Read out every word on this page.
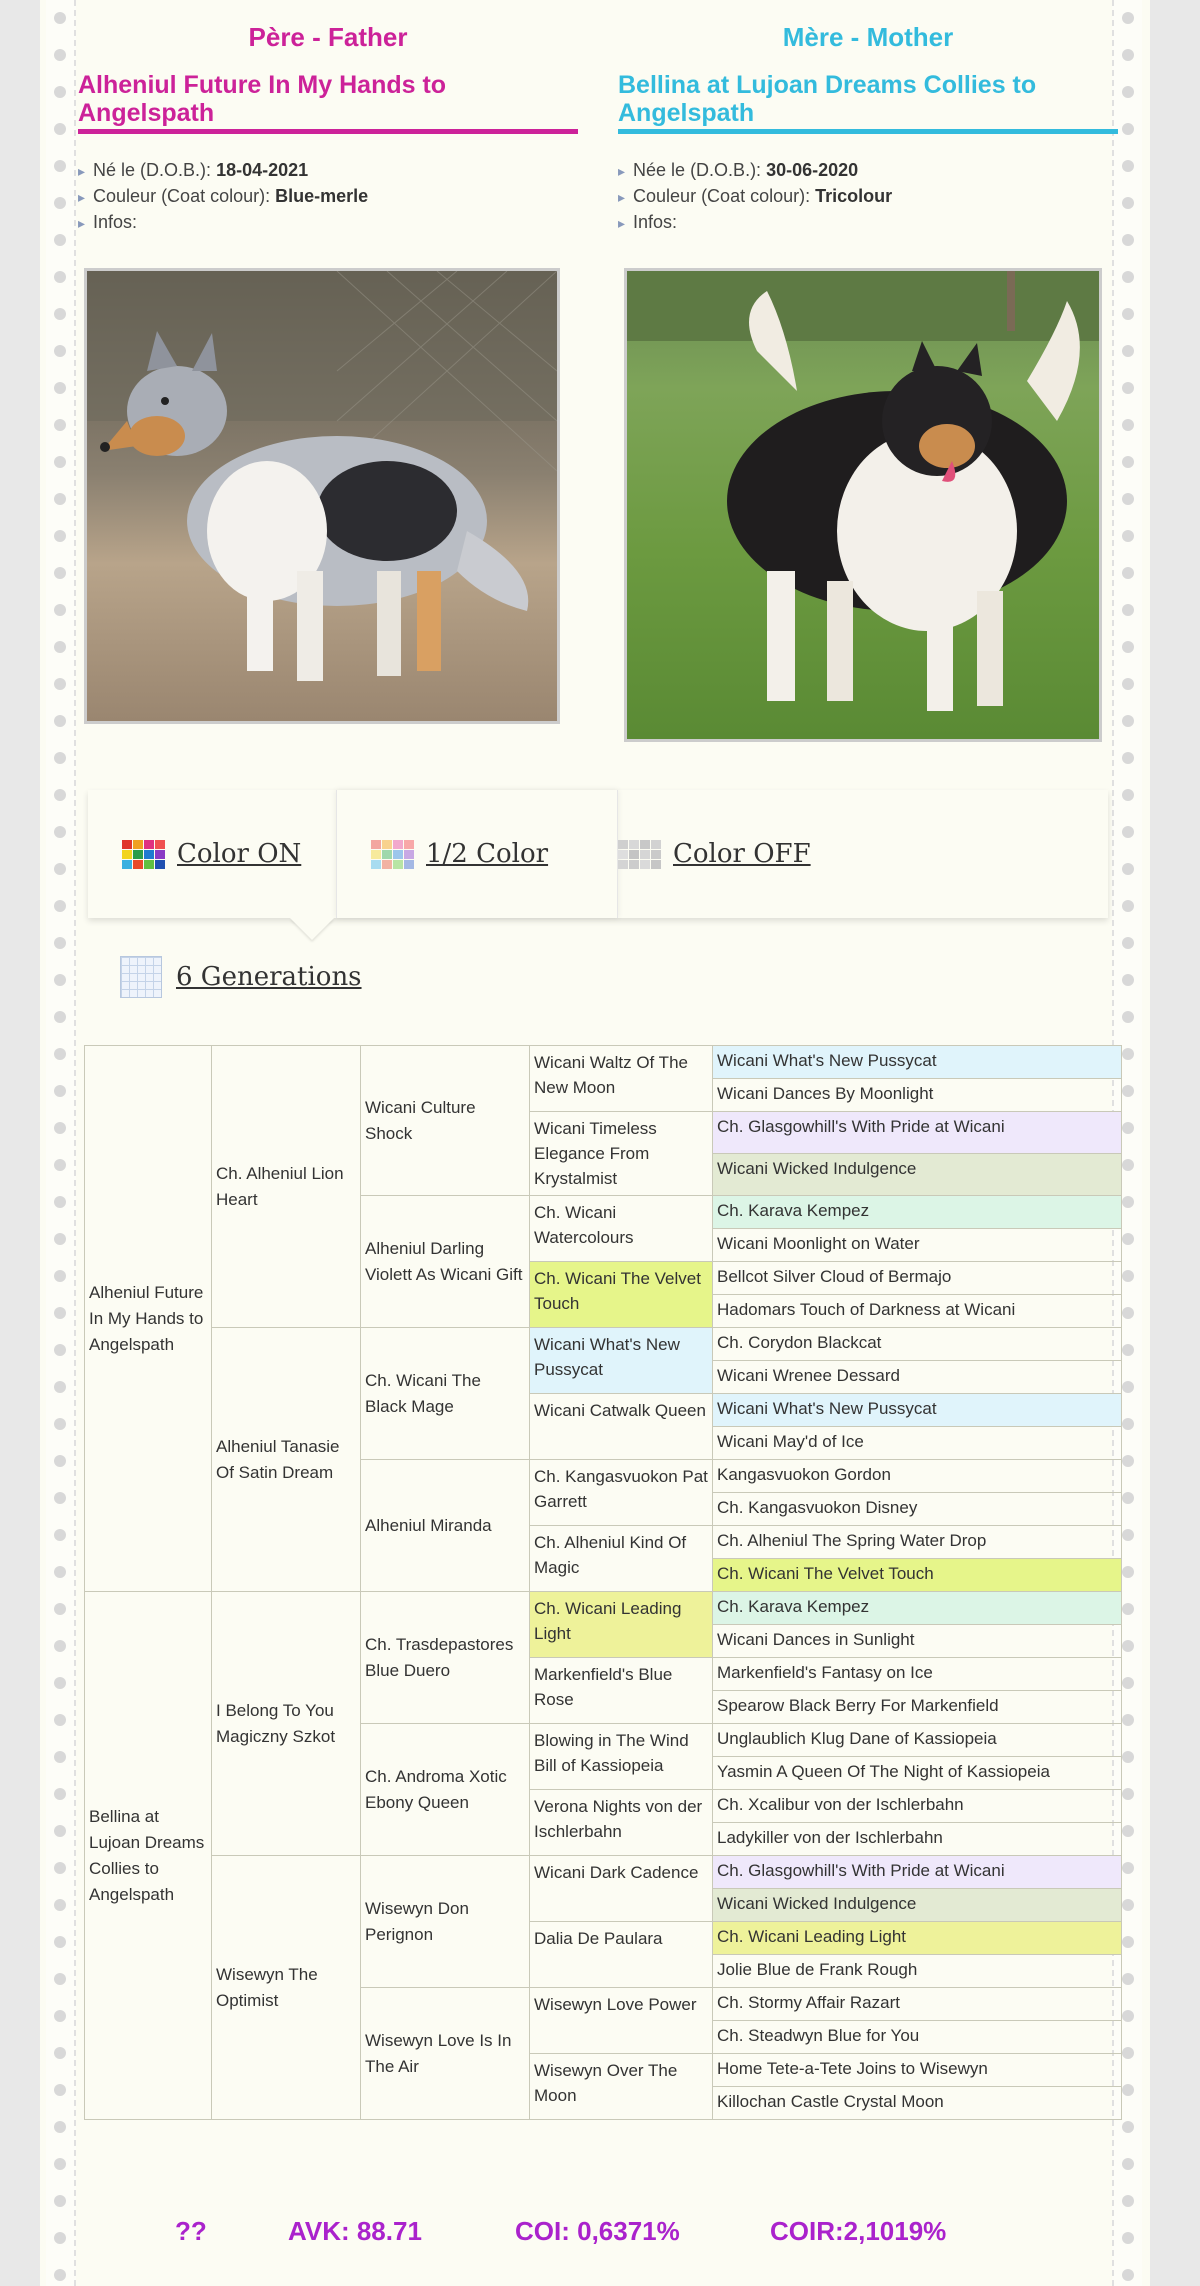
Père - Father
Alheniul Future In My Hands to Angelspath
▸ Né le (D.O.B.): 18-04-2021
▸ Couleur (Coat colour): Blue-merle
▸ Infos:
Mère - Mother
Bellina at Lujoan Dreams Collies to Angelspath
▸ Née le (D.O.B.): 30-06-2020
▸ Couleur (Coat colour): Tricolour
▸ Infos:
Color ON	1/2 Color	Color OFF
6 Generations
Alheniul Future In My Hands to Angelspath	Ch. Alheniul Lion Heart	Wicani Culture Shock	Wicani Waltz Of The New Moon	Wicani What's New Pussycat
				Wicani Dances By Moonlight
			Wicani Timeless Elegance From Krystalmist	Ch. Glasgowhill's With Pride at Wicani
				Wicani Wicked Indulgence
		Alheniul Darling Violett As Wicani Gift	Ch. Wicani Watercolours	Ch. Karava Kempez
				Wicani Moonlight on Water
			Ch. Wicani The Velvet Touch	Bellcot Silver Cloud of Bermajo
				Hadomars Touch of Darkness at Wicani
	Alheniul Tanasie Of Satin Dream	Ch. Wicani The Black Mage	Wicani What's New Pussycat	Ch. Corydon Blackcat
				Wicani Wrenee Dessard
			Wicani Catwalk Queen	Wicani What's New Pussycat
				Wicani May'd of Ice
		Alheniul Miranda	Ch. Kangasvuokon Pat Garrett	Kangasvuokon Gordon
				Ch. Kangasvuokon Disney
			Ch. Alheniul Kind Of Magic	Ch. Alheniul The Spring Water Drop
				Ch. Wicani The Velvet Touch
Bellina at Lujoan Dreams Collies to Angelspath	I Belong To You Magiczny Szkot	Ch. Trasdepastores Blue Duero	Ch. Wicani Leading Light	Ch. Karava Kempez
				Wicani Dances in Sunlight
			Markenfield's Blue Rose	Markenfield's Fantasy on Ice
				Spearow Black Berry For Markenfield
		Ch. Androma Xotic Ebony Queen	Blowing in The Wind Bill of Kassiopeia	Unglaublich Klug Dane of Kassiopeia
				Yasmin A Queen Of The Night of Kassiopeia
			Verona Nights von der Ischlerbahn	Ch. Xcalibur von der Ischlerbahn
				Ladykiller von der Ischlerbahn
	Wisewyn The Optimist	Wisewyn Don Perignon	Wicani Dark Cadence	Ch. Glasgowhill's With Pride at Wicani
				Wicani Wicked Indulgence
			Dalia De Paulara	Ch. Wicani Leading Light
				Jolie Blue de Frank Rough
		Wisewyn Love Is In The Air	Wisewyn Love Power	Ch. Stormy Affair Razart
				Ch. Steadwyn Blue for You
			Wisewyn Over The Moon	Home Tete-a-Tete Joins to Wisewyn
				Killochan Castle Crystal Moon
??	AVK: 88.71	COI: 0,6371%	COIR:2,1019%
